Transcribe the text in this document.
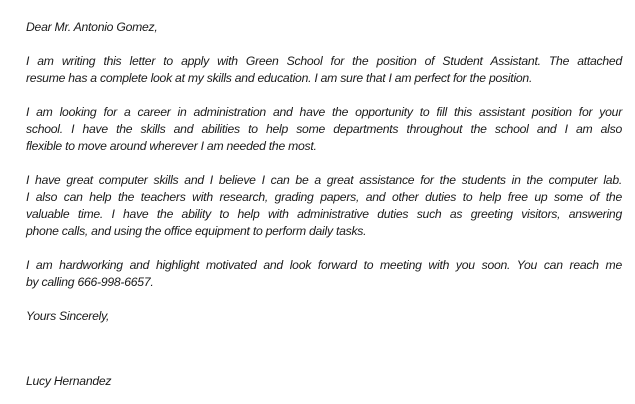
Dear Mr. Antonio Gomez,

I am writing this letter to apply with Green School for the position of Student Assistant. The attached
resume has a complete look at my skills and education. I am sure that I am perfect for the position.

I am looking for a career in administration and have the opportunity to fill this assistant position for your
school. I have the skills and abilities to help some departments throughout the school and I am also
flexible to move around wherever I am needed the most.

I have great computer skills and I believe I can be a great assistance for the students in the computer lab.
I also can help the teachers with research, grading papers, and other duties to help free up some of the
valuable time. I have the ability to help with administrative duties such as greeting visitors, answering
phone calls, and using the office equipment to perform daily tasks.

I am hardworking and highlight motivated and look forward to meeting with you soon. You can reach me
by calling 666-998-6657.

Yours Sincerely,

Lucy Hernandez
